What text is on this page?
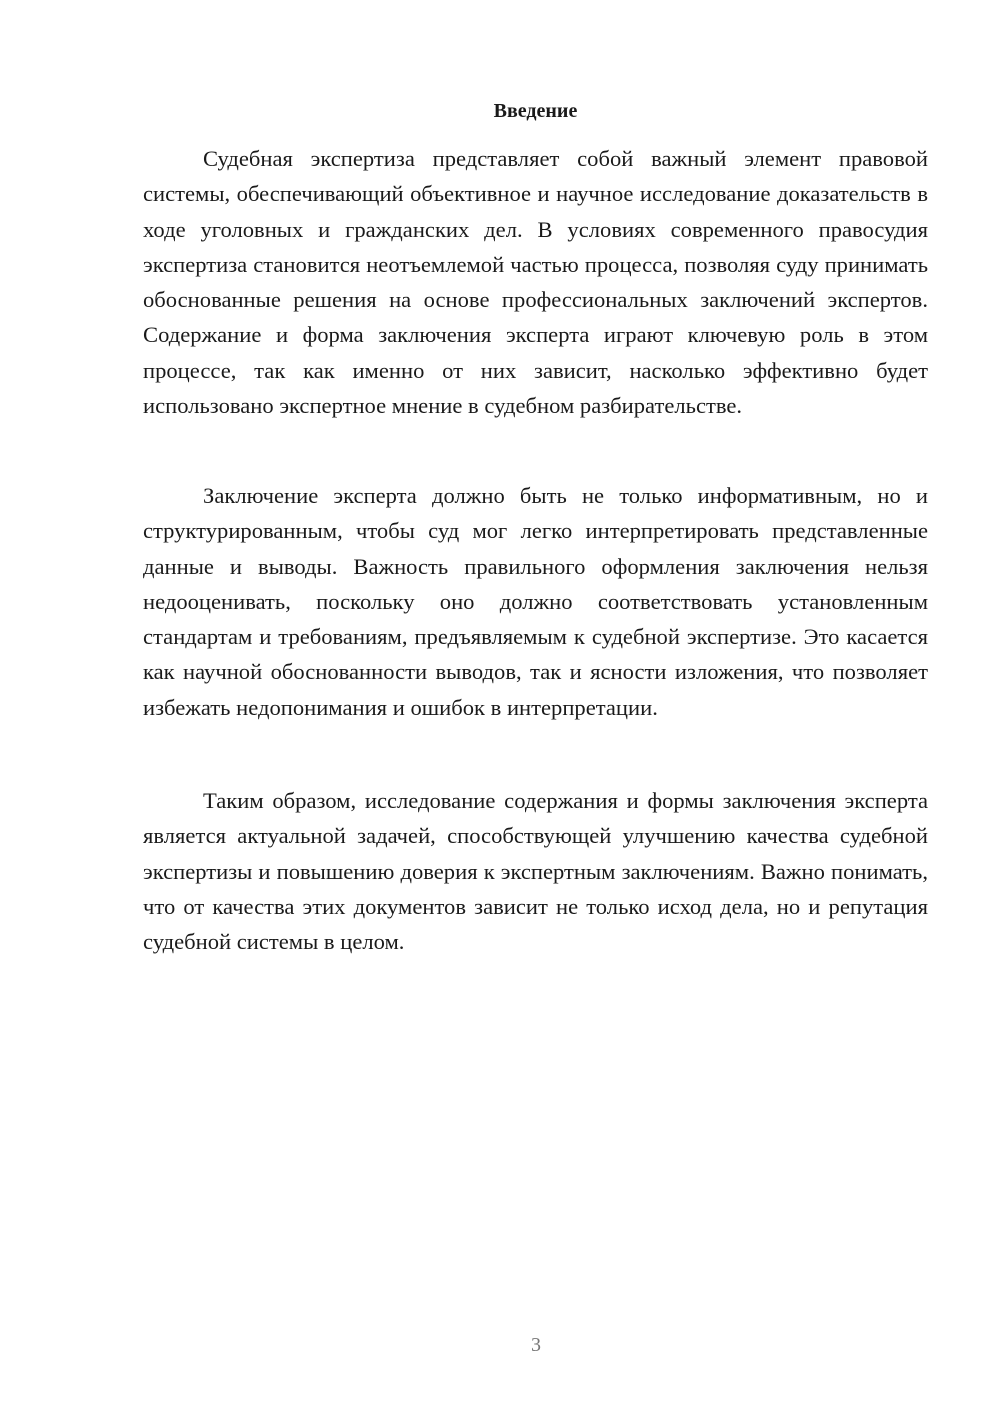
Введение

Судебная экспертиза представляет собой важный элемент правовой системы, обеспечивающий объективное и научное исследование доказательств в ходе уголовных и гражданских дел. В условиях современного правосудия экспертиза становится неотъемлемой частью процесса, позволяя суду принимать обоснованные решения на основе профессиональных заключений экспертов. Содержание и форма заключения эксперта играют ключевую роль в этом процессе, так как именно от них зависит, насколько эффективно будет использовано экспертное мнение в судебном разбирательстве.

Заключение эксперта должно быть не только информативным, но и структурированным, чтобы суд мог легко интерпретировать представленные данные и выводы. Важность правильного оформления заключения нельзя недооценивать, поскольку оно должно соответствовать установленным стандартам и требованиям, предъявляемым к судебной экспертизе. Это касается как научной обоснованности выводов, так и ясности изложения, что позволяет избежать недопонимания и ошибок в интерпретации.

Таким образом, исследование содержания и формы заключения эксперта является актуальной задачей, способствующей улучшению качества судебной экспертизы и повышению доверия к экспертным заключениям. Важно понимать, что от качества этих документов зависит не только исход дела, но и репутация судебной системы в целом.

3
